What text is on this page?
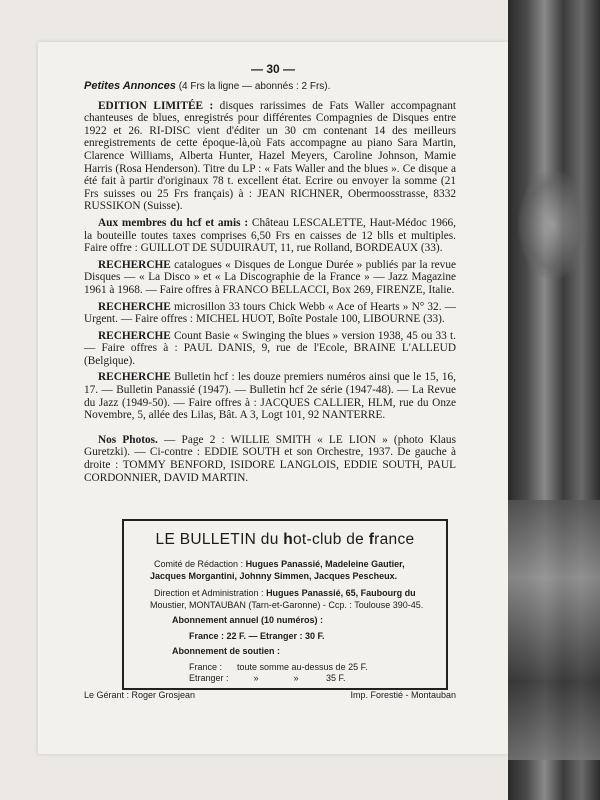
— 30 —

Petites Annonces (4 Frs la ligne — abonnés : 2 Frs).

EDITION LIMITÉE : disques rarissimes de Fats Waller accompagnant chanteuses de blues, enregistrés pour différentes Compagnies de Disques entre 1922 et 26. RI-DISC vient d'éditer un 30 cm contenant 14 des meilleurs enregistrements de cette époque-là,où Fats accompagne au piano Sara Martin, Clarence Williams, Alberta Hunter, Hazel Meyers, Caroline Johnson, Mamie Harris (Rosa Henderson). Titre du LP : « Fats Waller and the blues ». Ce disque a été fait à partir d'originaux 78 t. excellent état. Ecrire ou envoyer la somme (21 Frs suisses ou 25 Frs français) à : JEAN RICHNER, Obermoosstrasse, 8332 RUSSIKON (Suisse).

Aux membres du hcf et amis : Château LESCALETTE, Haut-Médoc 1966, la bouteille toutes taxes comprises 6,50 Frs en caisses de 12 blls et multiples. Faire offre : GUILLOT DE SUDUIRAUT, 11, rue Rolland, BORDEAUX (33).

RECHERCHE catalogues « Disques de Longue Durée » publiés par la revue Disques — « La Disco » et « La Discographie de la France » — Jazz Magazine 1961 à 1968. — Faire offres à FRANCO BELLACCI, Box 269, FIRENZE, Italie.

RECHERCHE microsillon 33 tours Chick Webb « Ace of Hearts » N° 32. — Urgent. — Faire offres : MICHEL HUOT, Boîte Postale 100, LIBOURNE (33).

RECHERCHE Count Basie « Swinging the blues » version 1938, 45 ou 33 t. — Faire offres à : PAUL DANIS, 9, rue de l'Ecole, BRAINE L'ALLEUD (Belgique).

RECHERCHE Bulletin hcf : les douze premiers numéros ainsi que le 15, 16, 17. — Bulletin Panassié (1947). — Bulletin hcf 2e série (1947-48). — La Revue du Jazz (1949-50). — Faire offres à : JACQUES CALLIER, HLM, rue du Onze Novembre, 5, allée des Lilas, Bât. A 3, Logt 101, 92 NANTERRE.

Nos Photos. — Page 2 : WILLIE SMITH « LE LION » (photo Klaus Guretzki). — Ci-contre : EDDIE SOUTH et son Orchestre, 1937. De gauche à droite : TOMMY BENFORD, ISIDORE LANGLOIS, EDDIE SOUTH, PAUL CORDONNIER, DAVID MARTIN.

LE BULLETIN du hot-club de france
Comité de Rédaction : Hugues Panassié, Madeleine Gautier,
Jacques Morgantini, Johnny Simmen, Jacques Pescheux.
Direction et Administration : Hugues Panassié, 65, Faubourg du
Moustier, MONTAUBAN (Tarn-et-Garonne) - Ccp. : Toulouse 390-45.
Abonnement annuel (10 numéros) :
France : 22 F. — Etranger : 30 F.
Abonnement de soutien :
France :      toute somme au-dessus de 25 F.
Etranger :          »              »           35 F.
Le Gérant : Roger Grosjean	Imp. Forestié - Montauban
